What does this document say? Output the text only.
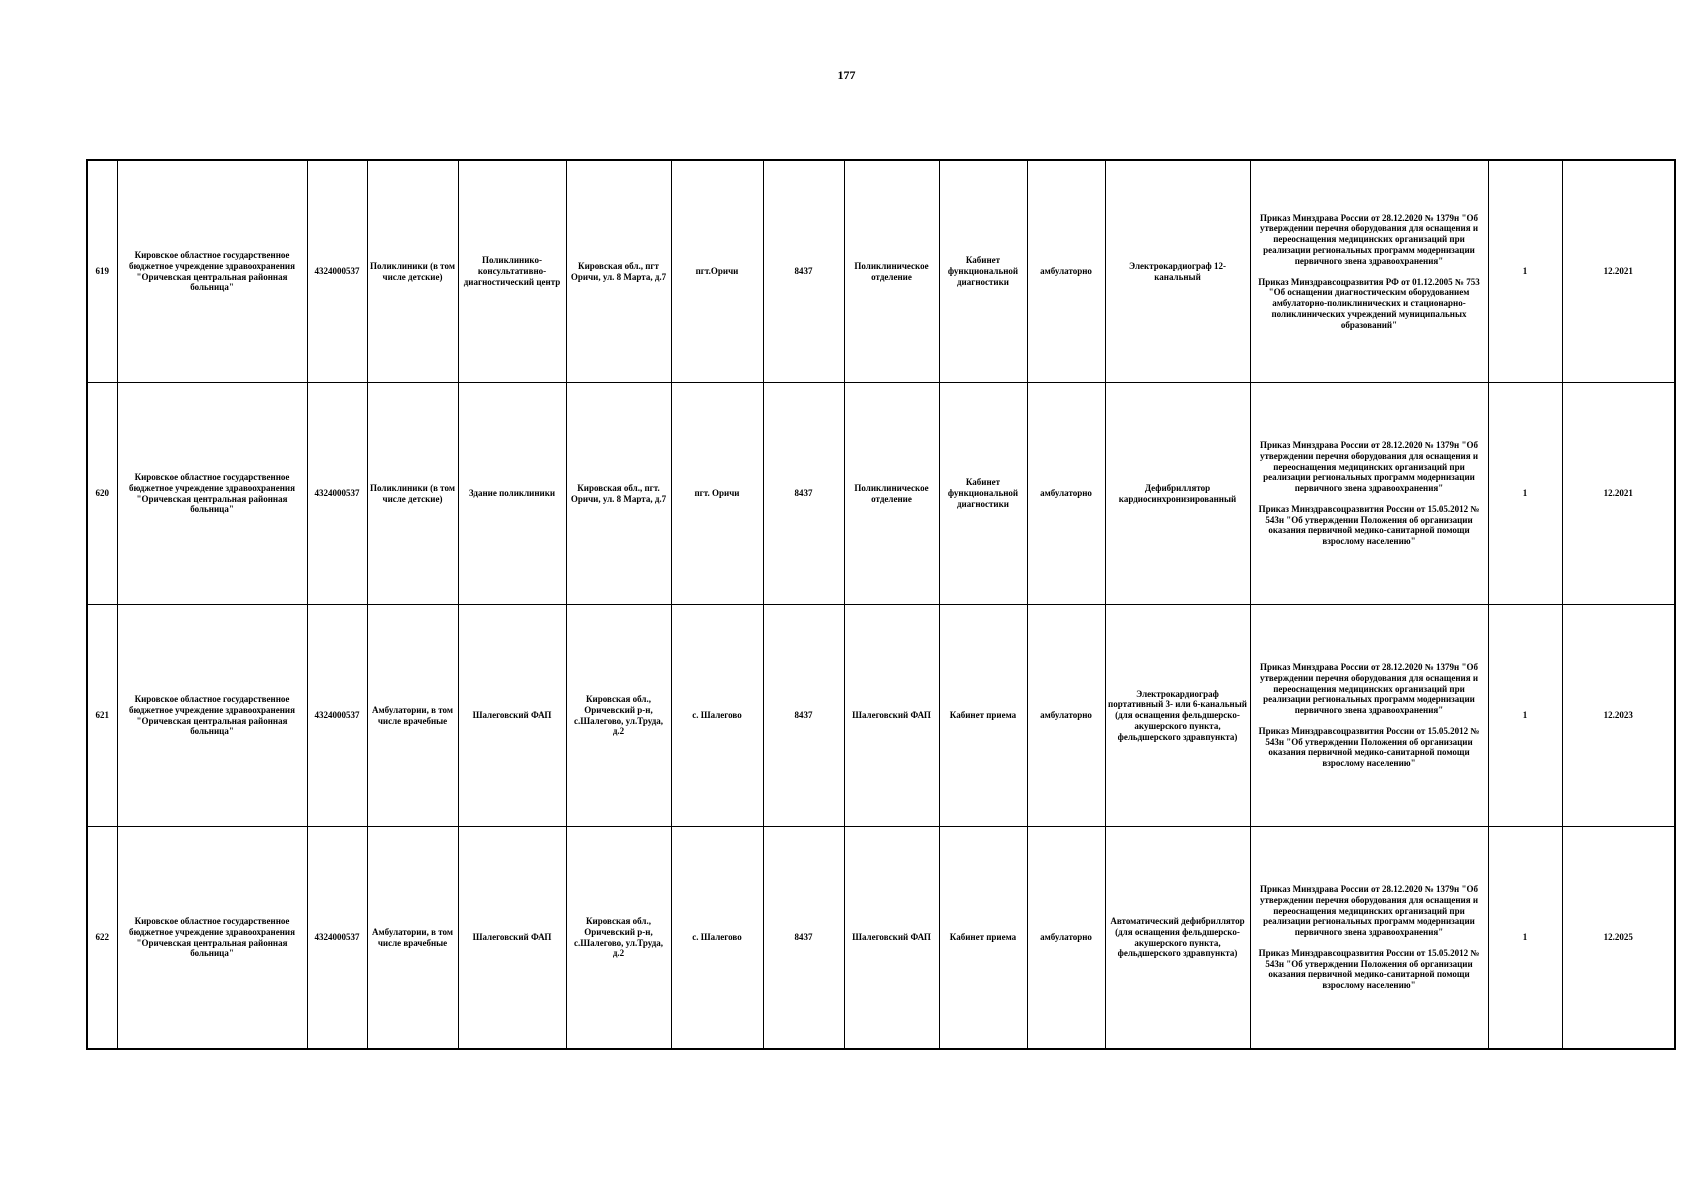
177
619	Кировское областное государственное бюджетное учреждение здравоохранения "Оричевская центральная районная больница"	4324000537	Поликлиники (в том числе детские)	Поликлинико-консультативно-диагностический центр	Кировская обл., пгт Оричи, ул. 8 Марта, д.7	пгт.Оричи	8437	Поликлиническое отделение	Кабинет функциональной диагностики	амбулаторно	Электрокардиограф 12-канальный	Приказ Минздрава России от 28.12.2020 № 1379н "Об утверждении перечня оборудования для оснащения и переоснащения медицинских организаций при реализации региональных программ модернизации первичного звена здравоохранения"
Приказ Минздравсоцразвития РФ от 01.12.2005 № 753 "Об оснащении диагностическим оборудованием амбулаторно-поликлинических и стационарно-поликлинических учреждений муниципальных образований"	1	12.2021
620	Кировское областное государственное бюджетное учреждение здравоохранения "Оричевская центральная районная больница"	4324000537	Поликлиники (в том числе детские)	Здание поликлиники	Кировская обл., пгт. Оричи, ул. 8 Марта, д.7	пгт. Оричи	8437	Поликлиническое отделение	Кабинет функциональной диагностики	амбулаторно	Дефибриллятор кардиосинхронизированный	Приказ Минздрава России от 28.12.2020 № 1379н "Об утверждении перечня оборудования для оснащения и переоснащения медицинских организаций при реализации региональных программ модернизации первичного звена здравоохранения"
Приказ Минздравсоцразвития России от 15.05.2012 № 543н "Об утверждении Положения об организации оказания первичной медико-санитарной помощи взрослому населению"	1	12.2021
621	Кировское областное государственное бюджетное учреждение здравоохранения "Оричевская центральная районная больница"	4324000537	Амбулатории, в том числе врачебные	Шалеговский ФАП	Кировская обл., Оричевский р-н, с.Шалегово, ул.Труда, д.2	с. Шалегово	8437	Шалеговский ФАП	Кабинет приема	амбулаторно	Электрокардиограф портативный 3- или 6-канальный (для оснащения фельдшерско-акушерского пункта, фельдшерского здравпункта)	Приказ Минздрава России от 28.12.2020 № 1379н "Об утверждении перечня оборудования для оснащения и переоснащения медицинских организаций при реализации региональных программ модернизации первичного звена здравоохранения"
Приказ Минздравсоцразвития России от 15.05.2012 № 543н "Об утверждении Положения об организации оказания первичной медико-санитарной помощи взрослому населению"	1	12.2023
622	Кировское областное государственное бюджетное учреждение здравоохранения "Оричевская центральная районная больница"	4324000537	Амбулатории, в том числе врачебные	Шалеговский ФАП	Кировская обл., Оричевский р-н, с.Шалегово, ул.Труда, д.2	с. Шалегово	8437	Шалеговский ФАП	Кабинет приема	амбулаторно	Автоматический дефибриллятор (для оснащения фельдшерско-акушерского пункта, фельдшерского здравпункта)	Приказ Минздрава России от 28.12.2020 № 1379н "Об утверждении перечня оборудования для оснащения и переоснащения медицинских организаций при реализации региональных программ модернизации первичного звена здравоохранения"
Приказ Минздравсоцразвития России от 15.05.2012 № 543н "Об утверждении Положения об организации оказания первичной медико-санитарной помощи взрослому населению"	1	12.2025
